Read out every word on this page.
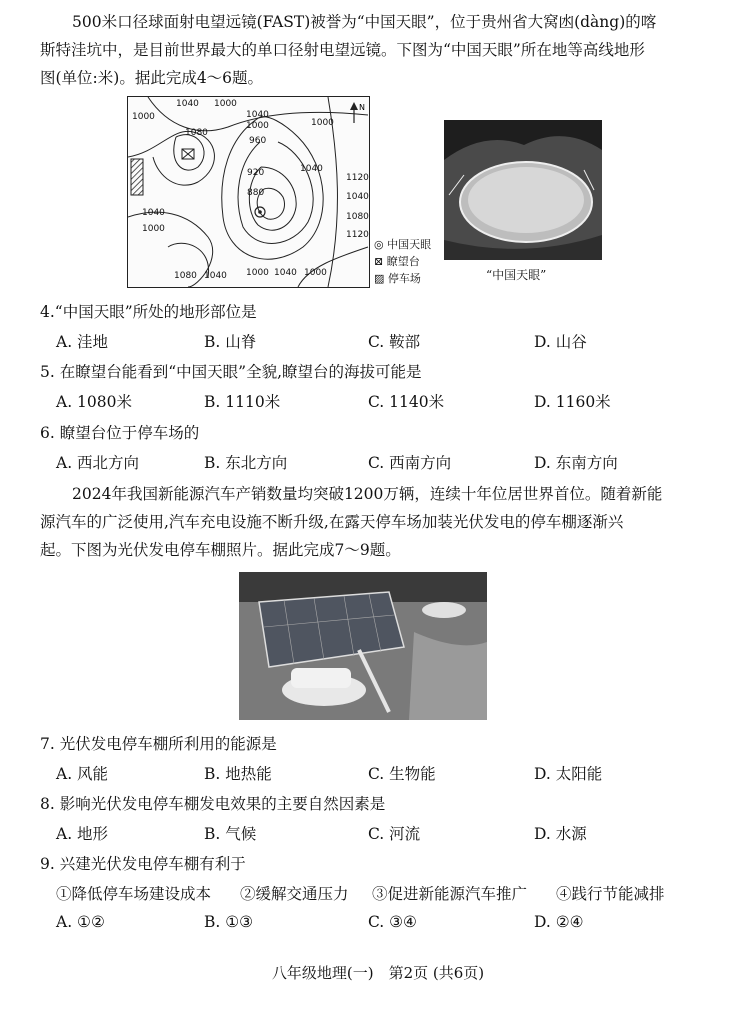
500米口径球面射电望远镜(FAST)被誉为“中国天眼”，位于贵州省大窝凼(dàng)的喀

斯特洼坑中，是目前世界最大的单口径射电望远镜。下图为“中国天眼”所在地等高线地形
图(单位:米)。据此完成4～6题。
1040 1000
1040
1000
1000
1080
1000
960
920
880
1040
1120
1040
1080
1040
1000
1120
1080 1040 1000 1040 1000
N
◎ 中国天眼
⊠ 瞭望台
▨ 停车场	“中国天眼”
4.“中国天眼”所处的地形部位是
A. 洼地	B. 山脊	C. 鞍部	D. 山谷
5. 在瞭望台能看到“中国天眼”全貌,瞭望台的海拔可能是
A. 1080米	B. 1110米	C. 1140米	D. 1160米
6. 瞭望台位于停车场的
A. 西北方向	B. 东北方向	C. 西南方向	D. 东南方向

2024年我国新能源汽车产销数量均突破1200万辆，连续十年位居世界首位。随着新能

源汽车的广泛使用,汽车充电设施不断升级,在露天停车场加装光伏发电的停车棚逐渐兴
起。下图为光伏发电停车棚照片。据此完成7～9题。
7. 光伏发电停车棚所利用的能源是
A. 风能	B. 地热能	C. 生物能	D. 太阳能
8. 影响光伏发电停车棚发电效果的主要自然因素是
A. 地形	B. 气候	C. 河流	D. 水源
9. 兴建光伏发电停车棚有利于
①降低停车场建设成本 ②缓解交通压力 ③促进新能源汽车推广 ④践行节能减排
A. ①②	B. ①③	C. ③④	D. ②④
八年级地理(一)　第2页 (共6页)
